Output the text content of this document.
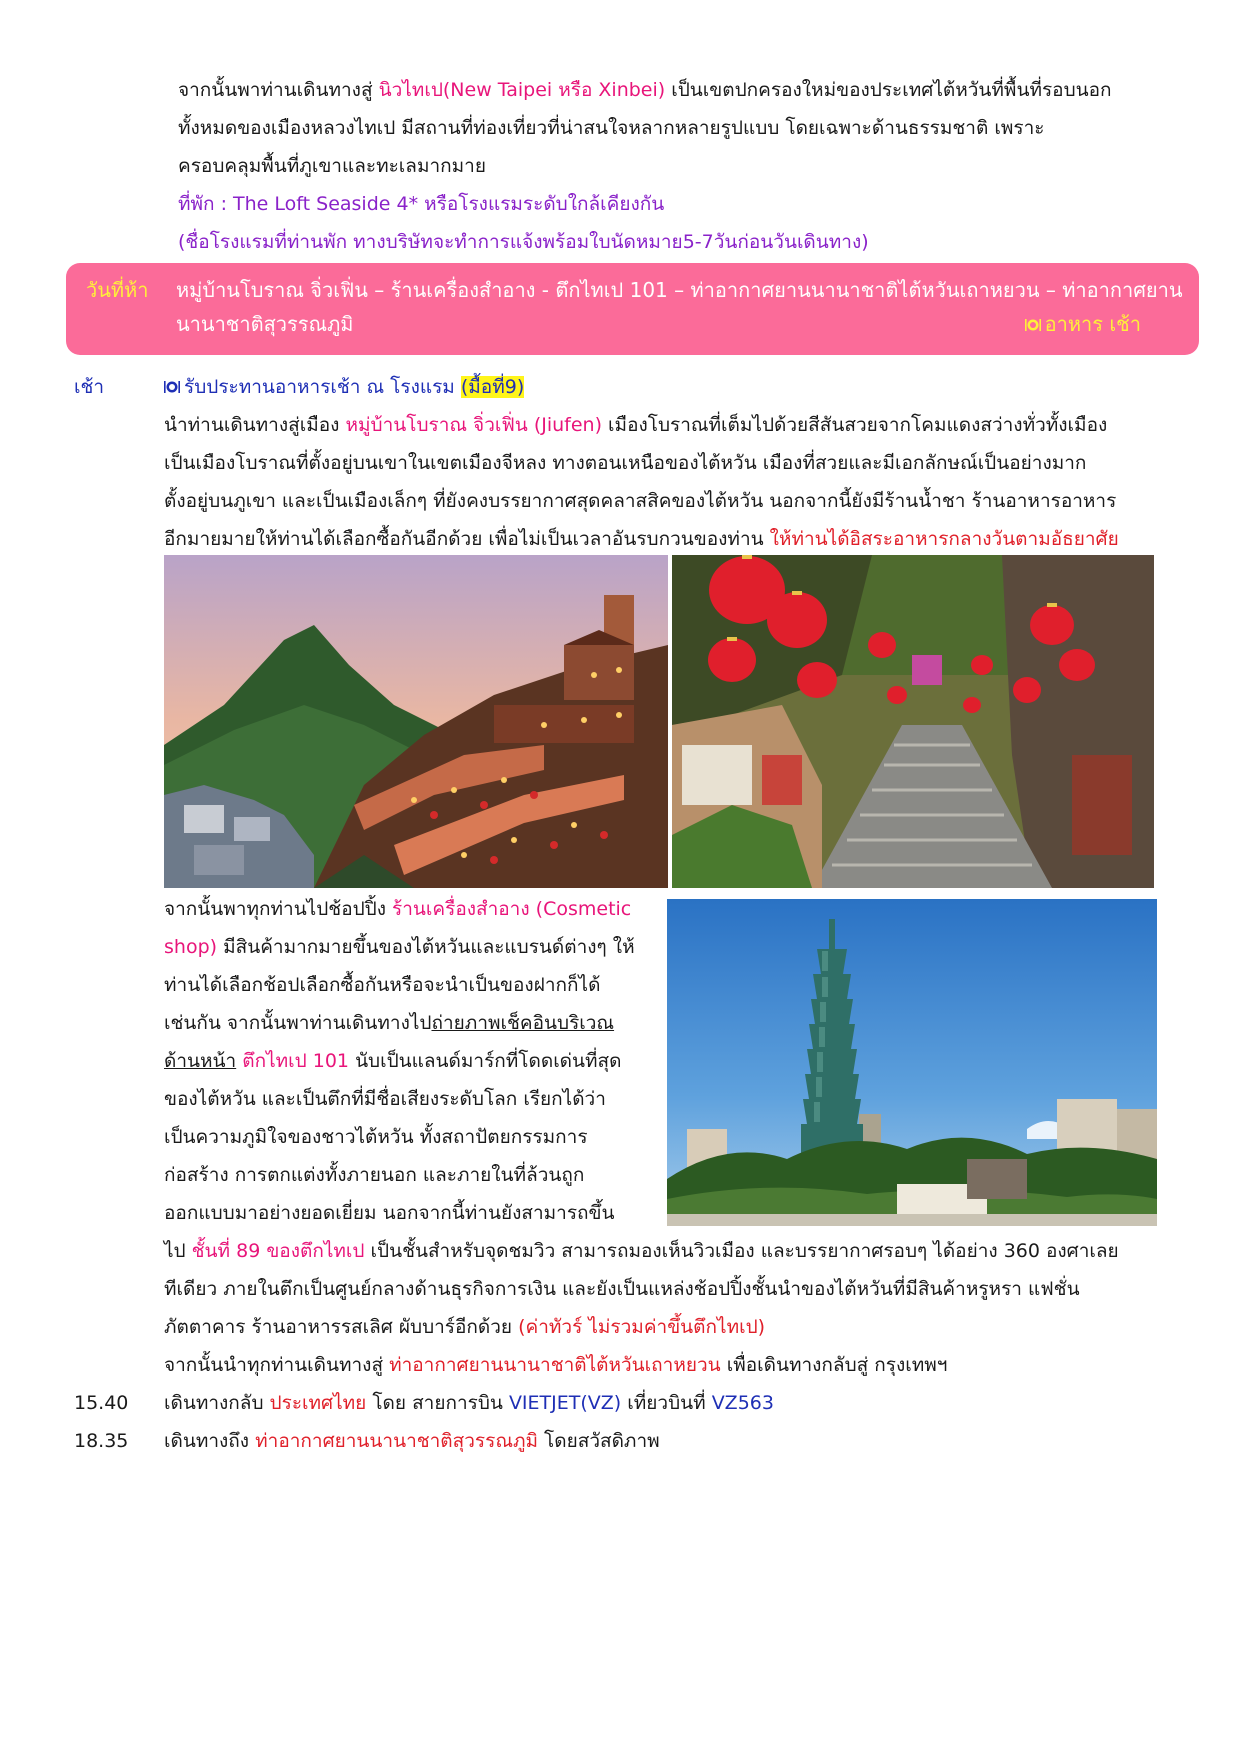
จากนั้นพาท่านเดินทางสู่ นิวไทเป(New Taipei หรือ Xinbei) เป็นเขตปกครองใหม่ของประเทศไต้หวันที่พื้นที่รอบนอก
ทั้งหมดของเมืองหลวงไทเป มีสถานที่ท่องเที่ยวที่น่าสนใจหลากหลายรูปแบบ โดยเฉพาะด้านธรรมชาติ เพราะ
ครอบคลุมพื้นที่ภูเขาและทะเลมากมาย
ที่พัก : The Loft Seaside 4* หรือโรงแรมระดับใกล้เคียงกัน
(ชื่อโรงแรมที่ท่านพัก ทางบริษัทจะทำการแจ้งพร้อมใบนัดหมาย5-7วันก่อนวันเดินทาง)
วันที่ห้า หมู่บ้านโบราณ จิ่วเฟิ่น – ร้านเครื่องสำอาง - ตึกไทเป 101 – ท่าอากาศยานนานาชาติไต้หวันเถาหยวน – ท่าอากาศยาน
นานาชาติสุวรรณภูมิ	อาหาร เช้า
เช้า	รับประทานอาหารเช้า ณ โรงแรม (มื้อที่9)
นำท่านเดินทางสู่เมือง หมู่บ้านโบราณ จิ่วเฟิ่น (Jiufen) เมืองโบราณที่เต็มไปด้วยสีสันสวยจากโคมแดงสว่างทั่วทั้งเมือง
เป็นเมืองโบราณที่ตั้งอยู่บนเขาในเขตเมืองจีหลง ทางตอนเหนือของไต้หวัน เมืองที่สวยและมีเอกลักษณ์เป็นอย่างมาก
ตั้งอยู่บนภูเขา และเป็นเมืองเล็กๆ ที่ยังคงบรรยากาศสุดคลาสสิคของไต้หวัน นอกจากนี้ยังมีร้านน้ำชา ร้านอาหารอาหาร
อีกมายมายให้ท่านได้เลือกซื้อกันอีกด้วย เพื่อไม่เป็นเวลาอันรบกวนของท่าน ให้ท่านได้อิสระอาหารกลางวันตามอัธยาศัย
จากนั้นพาทุกท่านไปช้อปปิ้ง ร้านเครื่องสำอาง (Cosmetic
shop) มีสินค้ามากมายขึ้นของไต้หวันและแบรนด์ต่างๆ ให้
ท่านได้เลือกช้อปเลือกซื้อกันหรือจะนำเป็นของฝากก็ได้
เช่นกัน จากนั้นพาท่านเดินทางไปถ่ายภาพเช็คอินบริเวณ
ด้านหน้า ตึกไทเป 101 นับเป็นแลนด์มาร์กที่โดดเด่นที่สุด
ของไต้หวัน และเป็นตึกที่มีชื่อเสียงระดับโลก เรียกได้ว่า
เป็นความภูมิใจของชาวไต้หวัน ทั้งสถาปัตยกรรมการ
ก่อสร้าง การตกแต่งทั้งภายนอก และภายในที่ล้วนถูก
ออกแบบมาอย่างยอดเยี่ยม นอกจากนี้ท่านยังสามารถขึ้น
ไป ชั้นที่ 89 ของตึกไทเป เป็นชั้นสำหรับจุดชมวิว สามารถมองเห็นวิวเมือง และบรรยากาศรอบๆ ได้อย่าง 360 องศาเลย
ทีเดียว ภายในตึกเป็นศูนย์กลางด้านธุรกิจการเงิน และยังเป็นแหล่งช้อปปิ้งชั้นนำของไต้หวันที่มีสินค้าหรูหรา แฟชั่น
ภัตตาคาร ร้านอาหารรสเลิศ ผับบาร์อีกด้วย (ค่าทัวร์ ไม่รวมค่าขึ้นตึกไทเป)
จากนั้นนำทุกท่านเดินทางสู่ ท่าอากาศยานนานาชาติไต้หวันเถาหยวน เพื่อเดินทางกลับสู่ กรุงเทพฯ
15.40 เดินทางกลับ ประเทศไทย โดย สายการบิน VIETJET(VZ) เที่ยวบินที่ VZ563
18.35 เดินทางถึง ท่าอากาศยานนานาชาติสุวรรณภูมิ โดยสวัสดิภาพ
